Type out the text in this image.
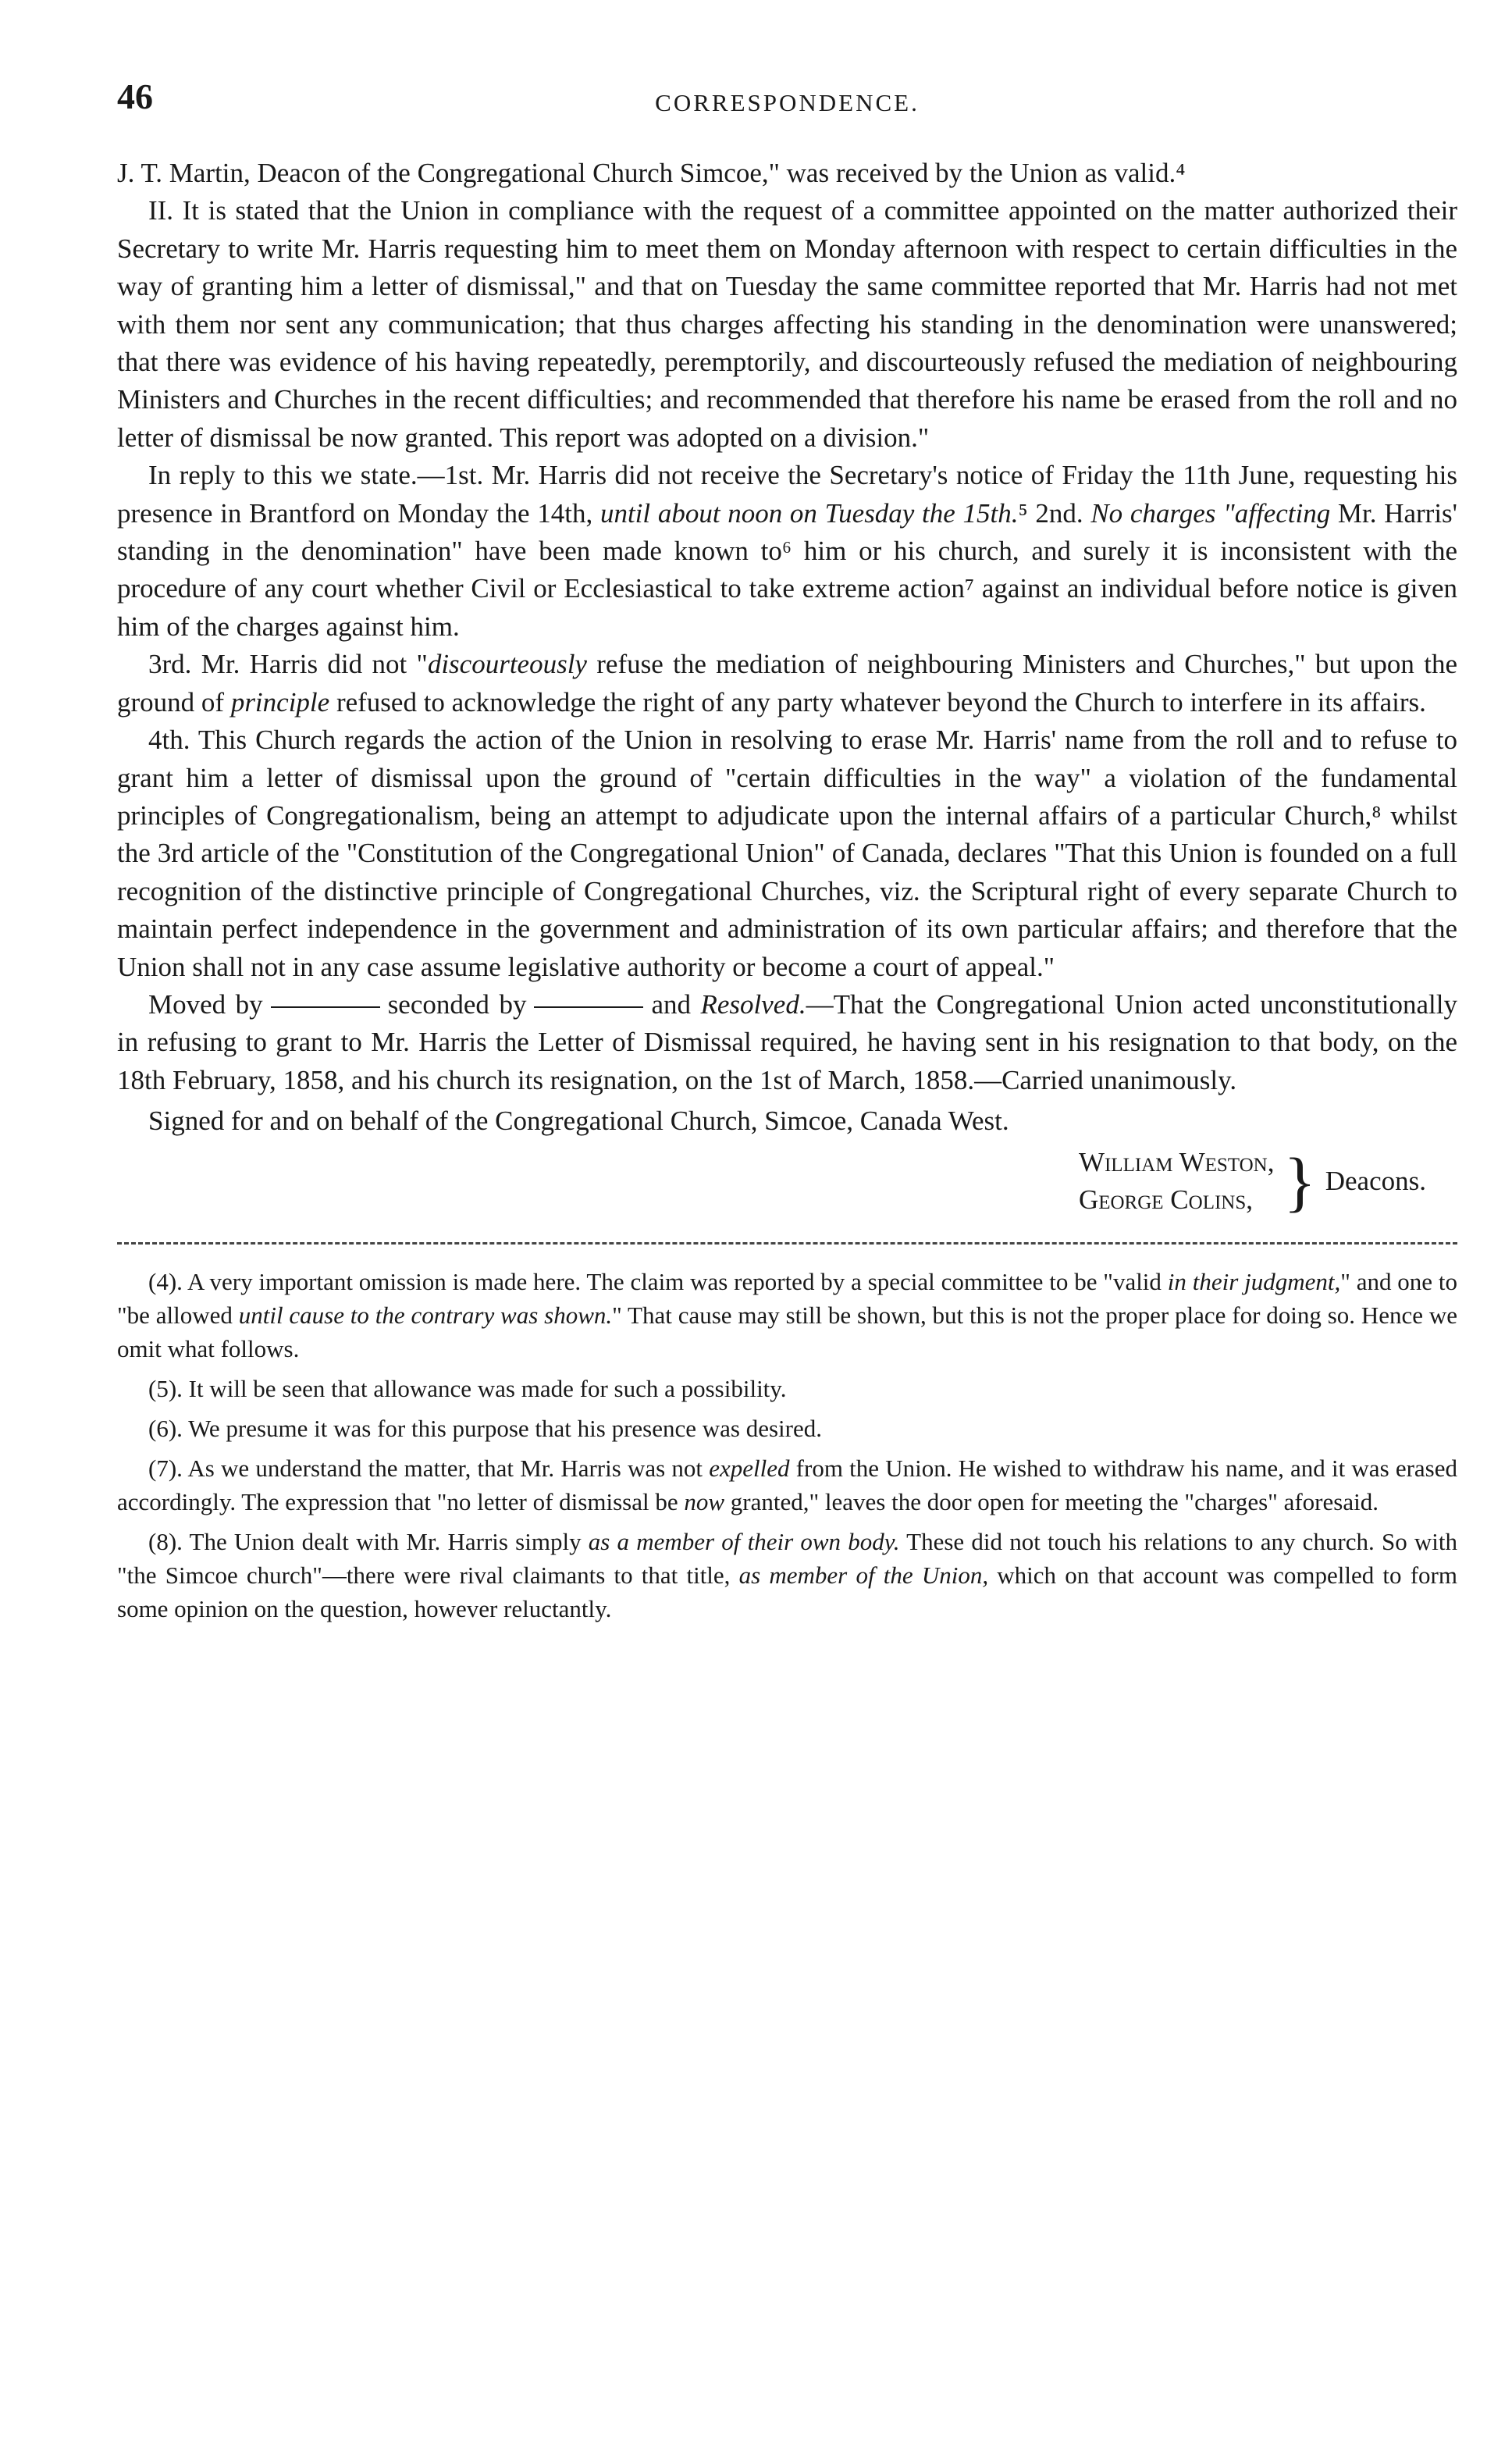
46	CORRESPONDENCE.

J. T. Martin, Deacon of the Congregational Church Simcoe," was received by the Union as valid.⁴

II. It is stated that the Union in compliance with the request of a committee appointed on the matter authorized their Secretary to write Mr. Harris requesting him to meet them on Monday afternoon with respect to certain difficulties in the way of granting him a letter of dismissal," and that on Tuesday the same committee reported that Mr. Harris had not met with them nor sent any communication; that thus charges affecting his standing in the denomination were unanswered; that there was evidence of his having repeatedly, peremptorily, and discourteously refused the mediation of neighbouring Ministers and Churches in the recent difficulties; and recommended that therefore his name be erased from the roll and no letter of dismissal be now granted. This report was adopted on a division."

In reply to this we state.—1st. Mr. Harris did not receive the Secretary's notice of Friday the 11th June, requesting his presence in Brantford on Monday the 14th, until about noon on Tuesday the 15th.⁵ 2nd. No charges "affecting Mr. Harris' standing in the denomination" have been made known to⁶ him or his church, and surely it is inconsistent with the procedure of any court whether Civil or Ecclesiastical to take extreme action⁷ against an individual before notice is given him of the charges against him.

3rd. Mr. Harris did not "discourteously refuse the mediation of neighbouring Ministers and Churches," but upon the ground of principle refused to acknowledge the right of any party whatever beyond the Church to interfere in its affairs.

4th. This Church regards the action of the Union in resolving to erase Mr. Harris' name from the roll and to refuse to grant him a letter of dismissal upon the ground of "certain difficulties in the way" a violation of the fundamental principles of Congregationalism, being an attempt to adjudicate upon the internal affairs of a particular Church,⁸ whilst the 3rd article of the "Constitution of the Congregational Union" of Canada, declares "That this Union is founded on a full recognition of the distinctive principle of Congregational Churches, viz. the Scriptural right of every separate Church to maintain perfect independence in the government and administration of its own particular affairs; and therefore that the Union shall not in any case assume legislative authority or become a court of appeal."

Moved by	seconded by	and Resolved.—That the Congregational Union acted unconstitutionally in refusing to grant to Mr. Harris the Letter of Dismissal required, he having sent in his resignation to that body, on the 18th February, 1858, and his church its resignation, on the 1st of March, 1858.—Carried unanimously.

Signed for and on behalf of the Congregational Church, Simcoe, Canada West.

William Weston,
George Colins, } Deacons.

(4). A very important omission is made here. The claim was reported by a special committee to be "valid in their judgment," and one to "be allowed until cause to the contrary was shown." That cause may still be shown, but this is not the proper place for doing so. Hence we omit what follows.

(5). It will be seen that allowance was made for such a possibility.

(6). We presume it was for this purpose that his presence was desired.

(7). As we understand the matter, that Mr. Harris was not expelled from the Union. He wished to withdraw his name, and it was erased accordingly. The expression that "no letter of dismissal be now granted," leaves the door open for meeting the "charges" aforesaid.

(8). The Union dealt with Mr. Harris simply as a member of their own body. These did not touch his relations to any church. So with "the Simcoe church"—there were rival claimants to that title, as member of the Union, which on that account was compelled to form some opinion on the question, however reluctantly.
